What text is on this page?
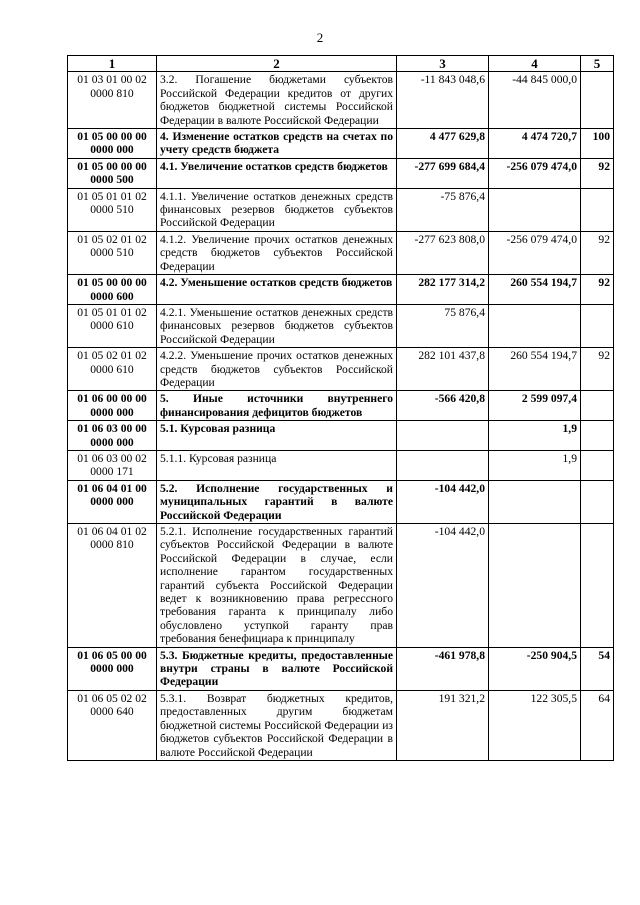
2
1	2	3	4	5
01 03 01 00 02 0000 810	3.2. Погашение бюджетами субъектов Российской Федерации кредитов от других бюджетов бюджетной системы Российской Федерации в валюте Российской Федерации	-11 843 048,6	-44 845 000,0	
01 05 00 00 00 0000 000	4. Изменение остатков средств на счетах по учету средств бюджета	4 477 629,8	4 474 720,7	100
01 05 00 00 00 0000 500	4.1. Увеличение остатков средств бюджетов	-277 699 684,4	-256 079 474,0	92
01 05 01 01 02 0000 510	4.1.1. Увеличение остатков денежных средств финансовых резервов бюджетов субъектов Российской Федерации	-75 876,4		
01 05 02 01 02 0000 510	4.1.2. Увеличение прочих остатков денежных средств бюджетов субъектов Российской Федерации	-277 623 808,0	-256 079 474,0	92
01 05 00 00 00 0000 600	4.2. Уменьшение остатков средств бюджетов	282 177 314,2	260 554 194,7	92
01 05 01 01 02 0000 610	4.2.1. Уменьшение остатков денежных средств финансовых резервов бюджетов субъектов Российской Федерации	75 876,4		
01 05 02 01 02 0000 610	4.2.2. Уменьшение прочих остатков денежных средств бюджетов субъектов Российской Федерации	282 101 437,8	260 554 194,7	92
01 06 00 00 00 0000 000	5. Иные источники внутреннего финансирования дефицитов бюджетов	-566 420,8	2 599 097,4	
01 06 03 00 00 0000 000	5.1. Курсовая разница		1,9	
01 06 03 00 02 0000 171	5.1.1. Курсовая разница		1,9	
01 06 04 01 00 0000 000	5.2. Исполнение государственных и муниципальных гарантий в валюте Российской Федерации	-104 442,0		
01 06 04 01 02 0000 810	5.2.1. Исполнение государственных гарантий субъектов Российской Федерации в валюте Российской Федерации в случае, если исполнение гарантом государственных гарантий субъекта Российской Федерации ведет к возникновению права регрессного требования гаранта к принципалу либо обусловлено уступкой гаранту прав требования бенефициара к принципалу	-104 442,0		
01 06 05 00 00 0000 000	5.3. Бюджетные кредиты, предоставленные внутри страны в валюте Российской Федерации	-461 978,8	-250 904,5	54
01 06 05 02 02 0000 640	5.3.1. Возврат бюджетных кредитов, предоставленных другим бюджетам бюджетной системы Российской Федерации из бюджетов субъектов Российской Федерации в валюте Российской Федерации	191 321,2	122 305,5	64
